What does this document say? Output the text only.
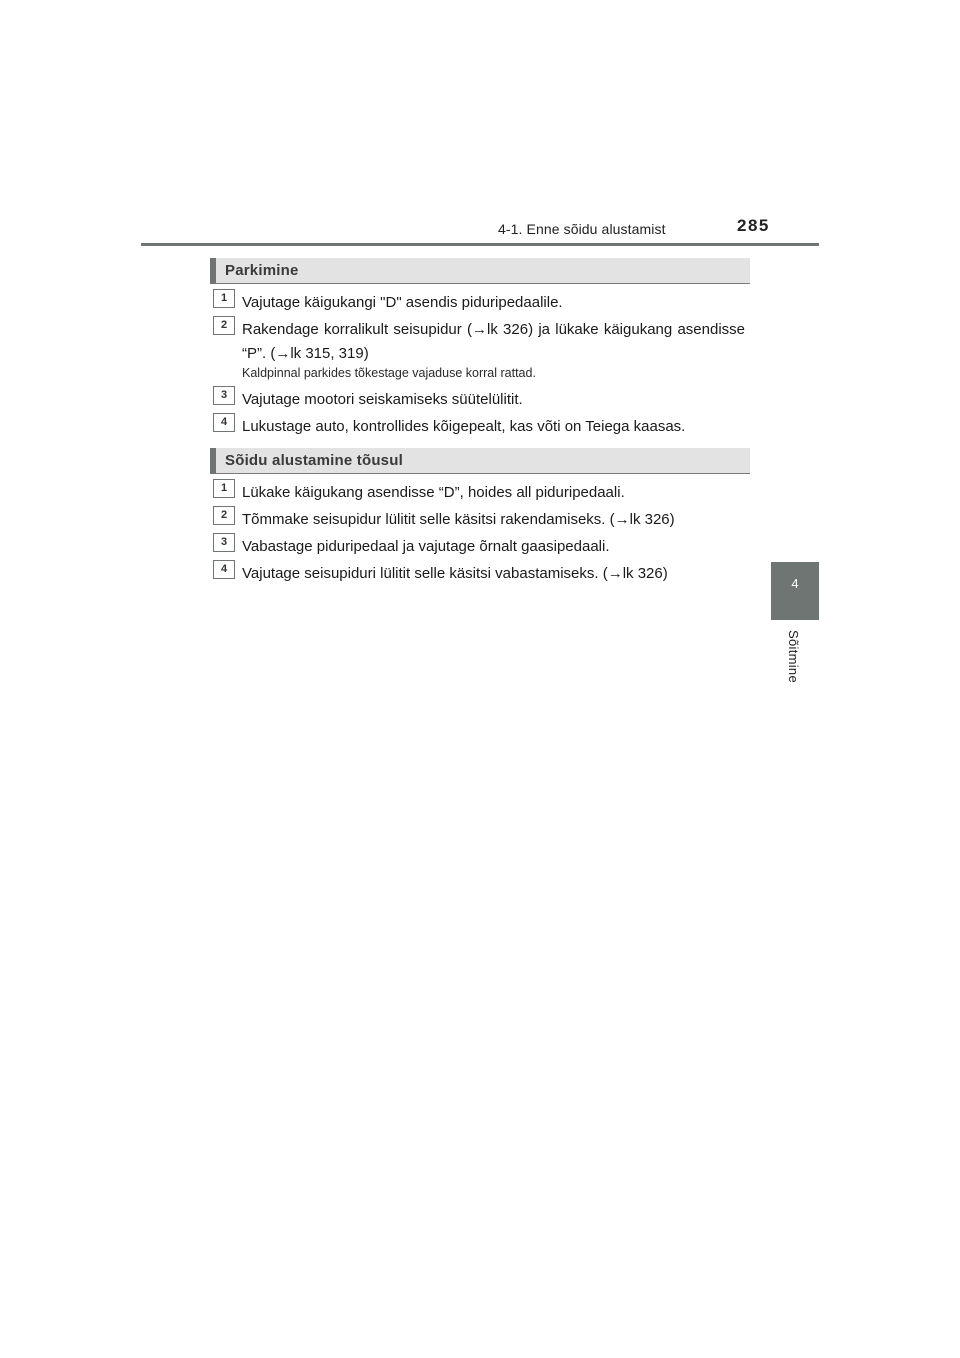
4-1. Enne sõidu alustamist	285
4
Sõitmine
Parkimine
1 Vajutage käigukangi "D" asendis piduripedaalile.
2 Rakendage korralikult seisupidur (→lk 326) ja lükake käigukang asendisse “P”. (→lk 315, 319)
Kaldpinnal parkides tõkestage vajaduse korral rattad.
3 Vajutage mootori seiskamiseks süütelülitit.
4 Lukustage auto, kontrollides kõigepealt, kas võti on Teiega kaasas.
Sõidu alustamine tõusul
1 Lükake käigukang asendisse “D”, hoides all piduripedaali.
2 Tõmmake seisupidur lülitit selle käsitsi rakendamiseks. (→lk 326)
3 Vabastage piduripedaal ja vajutage õrnalt gaasipedaali.
4 Vajutage seisupiduri lülitit selle käsitsi vabastamiseks. (→lk 326)
